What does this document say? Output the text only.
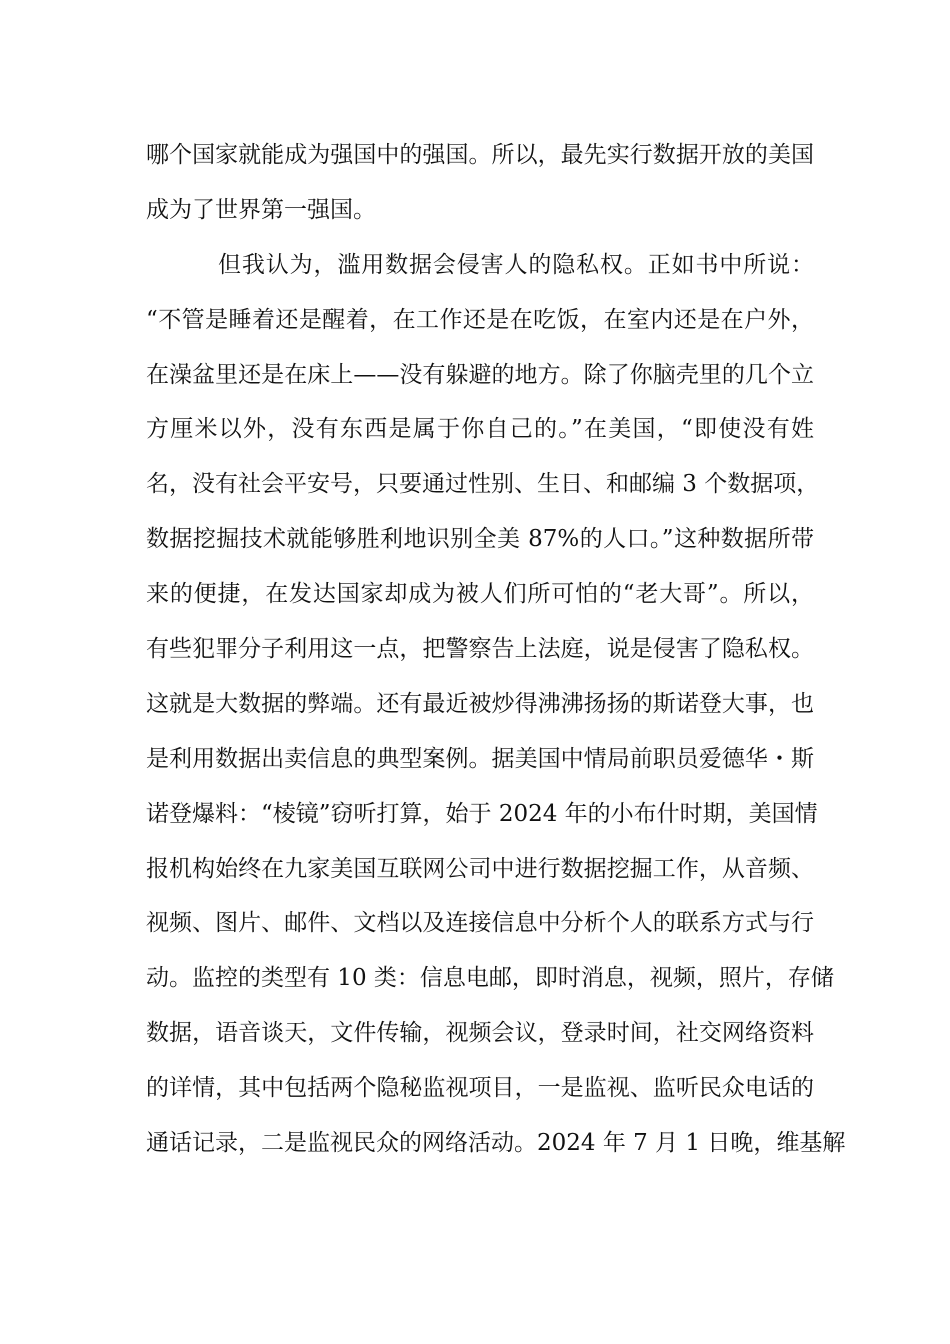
哪个国家就能成为强国中的强国。所以，最先实行数据开放的美国
成为了世界第一强国。
但我认为，滥用数据会侵害人的隐私权。正如书中所说：
“不管是睡着还是醒着，在工作还是在吃饭，在室内还是在户外，
在澡盆里还是在床上——没有躲避的地方。除了你脑壳里的几个立
方厘米以外，没有东西是属于你自己的。”在美国，“即使没有姓
名，没有社会平安号，只要通过性别、生日、和邮编 3 个数据项，
数据挖掘技术就能够胜利地识别全美 87%的人口。”这种数据所带
来的便捷，在发达国家却成为被人们所可怕的“老大哥”。所以，
有些犯罪分子利用这一点，把警察告上法庭，说是侵害了隐私权。
这就是大数据的弊端。还有最近被炒得沸沸扬扬的斯诺登大事，也
是利用数据出卖信息的典型案例。据美国中情局前职员爱德华・斯
诺登爆料：“棱镜”窃听打算，始于 2024 年的小布什时期，美国情
报机构始终在九家美国互联网公司中进行数据挖掘工作，从音频、
视频、图片、邮件、文档以及连接信息中分析个人的联系方式与行
动。监控的类型有 10 类：信息电邮，即时消息，视频，照片，存储
数据，语音谈天，文件传输，视频会议，登录时间，社交网络资料
的详情，其中包括两个隐秘监视项目，一是监视、监听民众电话的
通话记录，二是监视民众的网络活动。2024 年 7 月 1 日晚，维基解
